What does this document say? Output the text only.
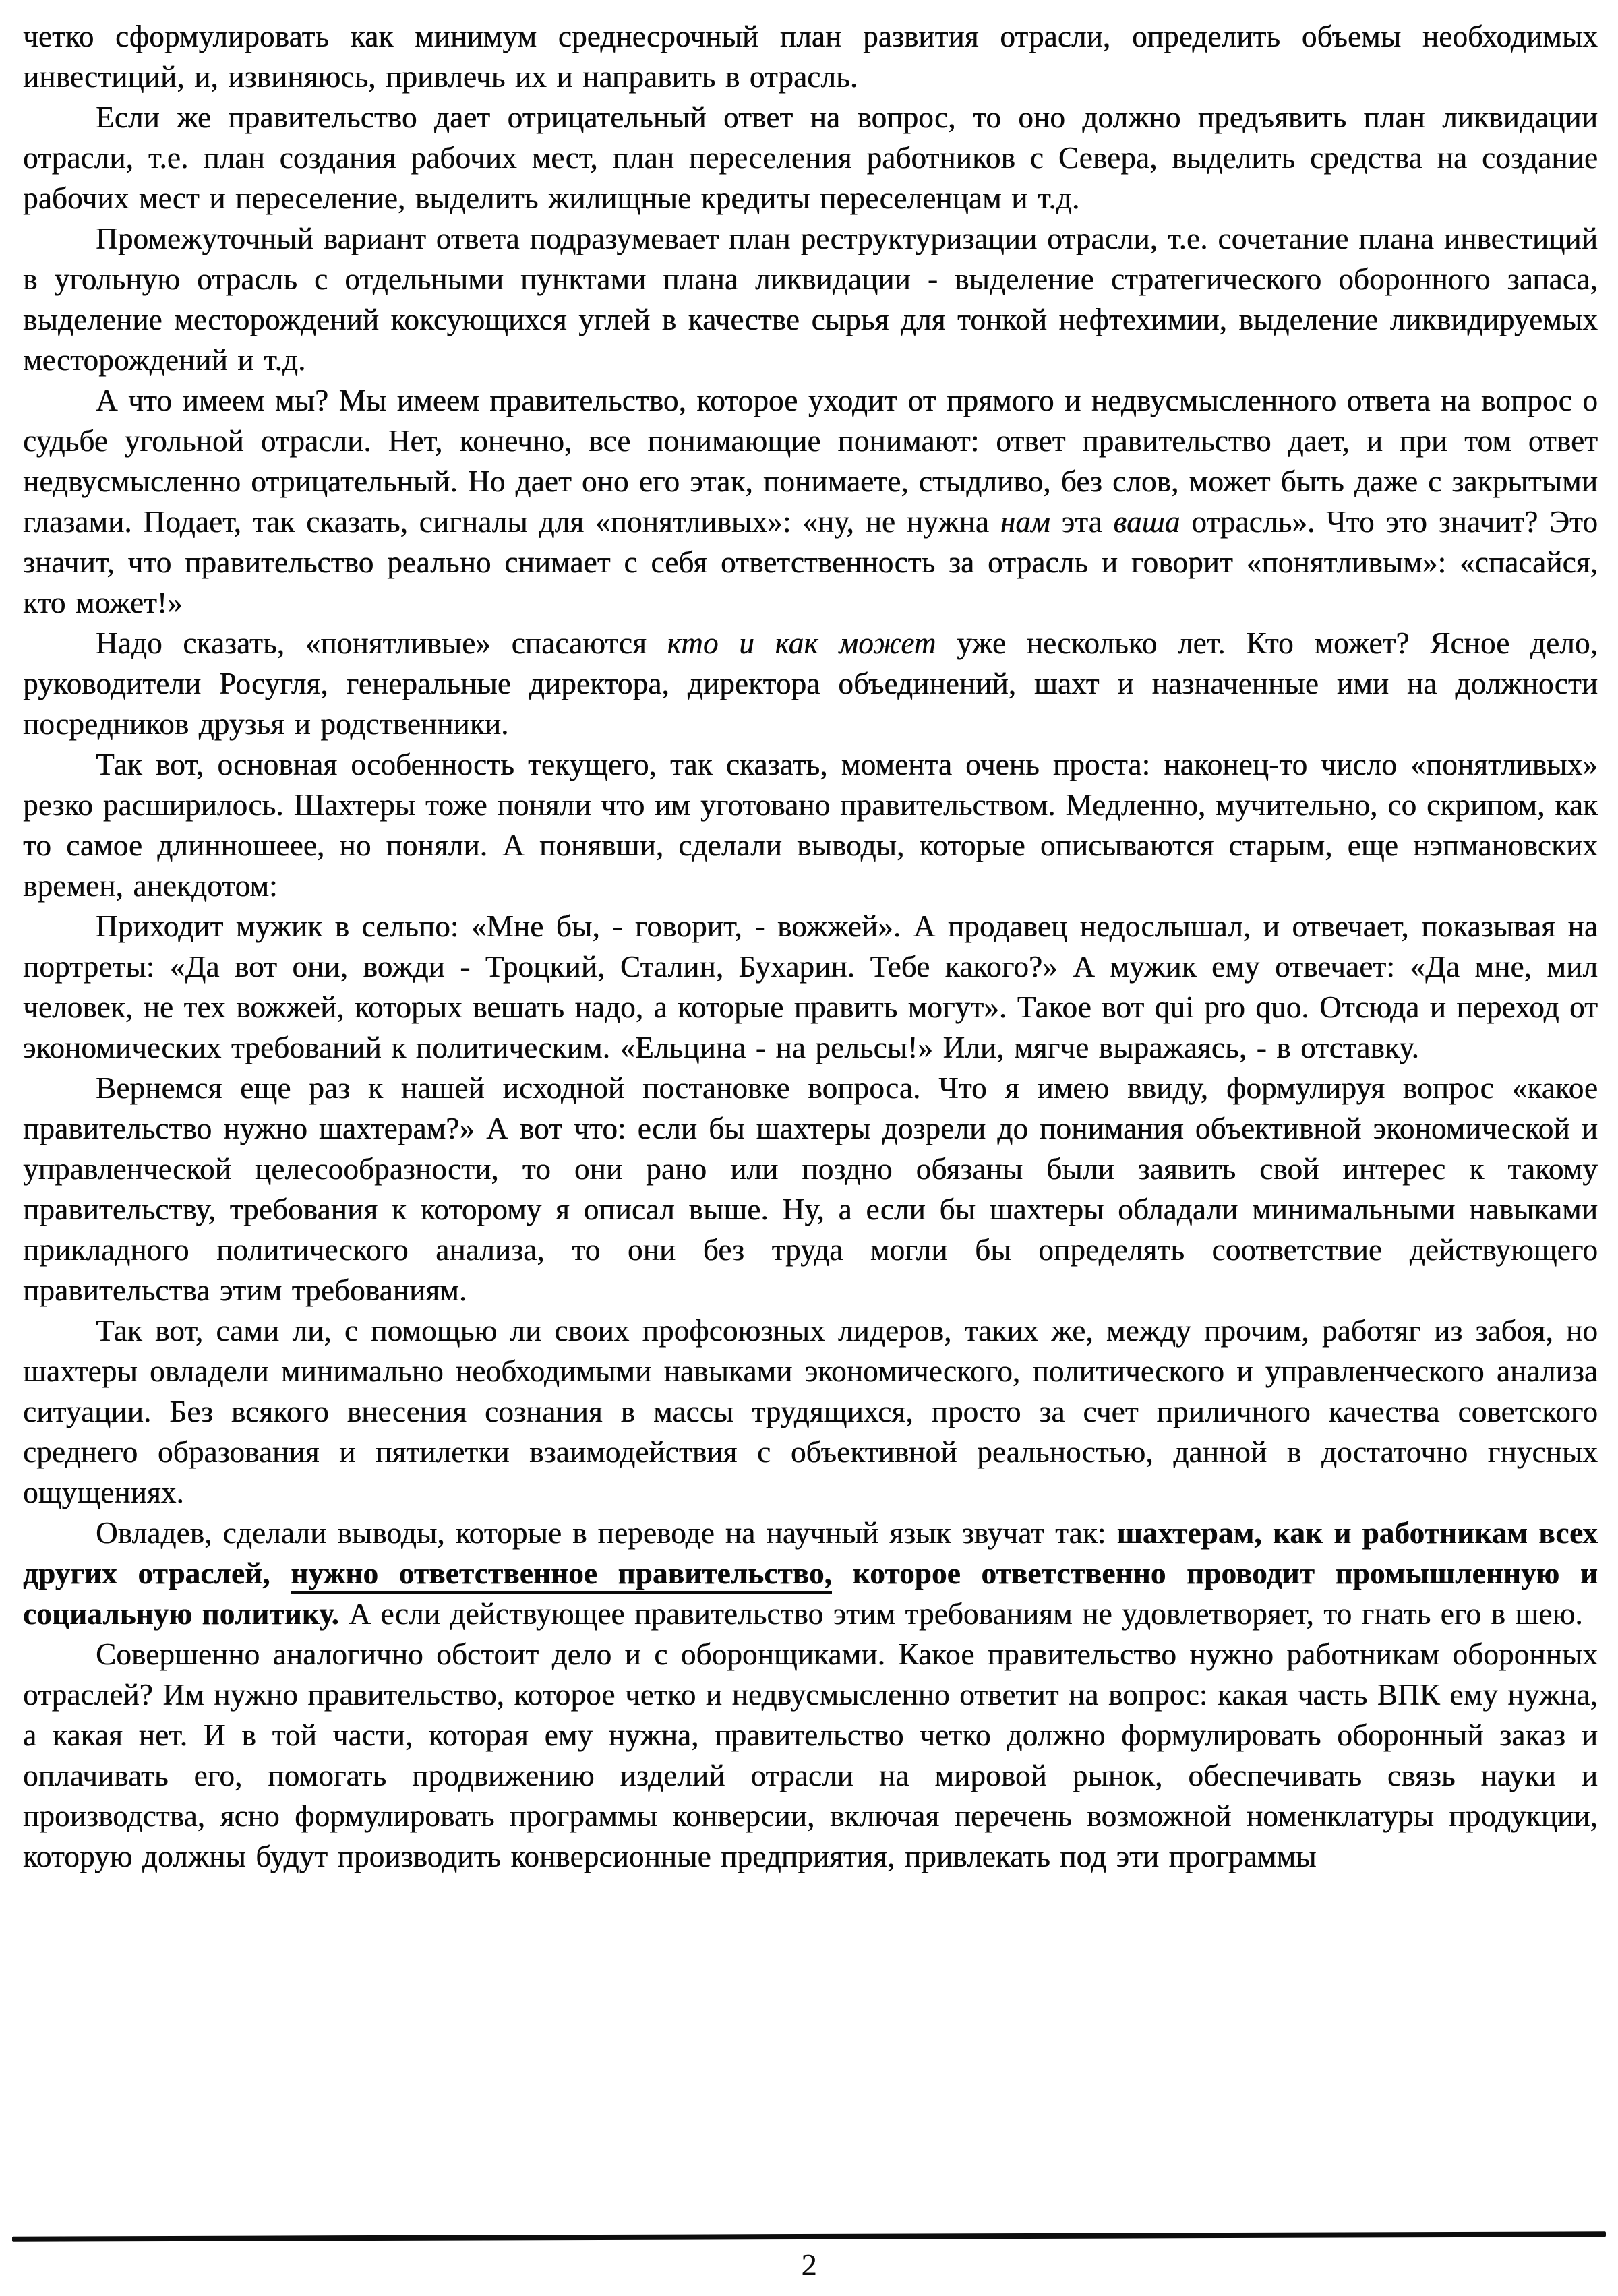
четко сформулировать как минимум среднесрочный план развития отрасли, определить объемы необходимых инвестиций, и, извиняюсь, привлечь их и направить в отрасль.

Если же правительство дает отрицательный ответ на вопрос, то оно должно предъявить план ликвидации отрасли, т.е. план создания рабочих мест, план переселения работников с Севера, выделить средства на создание рабочих мест и переселение, выделить жилищные кредиты переселенцам и т.д.

Промежуточный вариант ответа подразумевает план реструктуризации отрасли, т.е. сочетание плана инвестиций в угольную отрасль с отдельными пунктами плана ликвидации - выделение стратегического оборонного запаса, выделение месторождений коксующихся углей в качестве сырья для тонкой нефтехимии, выделение ликвидируемых месторождений и т.д.

А что имеем мы? Мы имеем правительство, которое уходит от прямого и недвусмысленного ответа на вопрос о судьбе угольной отрасли. Нет, конечно, все понимающие понимают: ответ правительство дает, и при том ответ недвусмысленно отрицательный. Но дает оно его этак, понимаете, стыдливо, без слов, может быть даже с закрытыми глазами. Подает, так сказать, сигналы для «понятливых»: «ну, не нужна нам эта ваша отрасль». Что это значит? Это значит, что правительство реально снимает с себя ответственность за отрасль и говорит «понятливым»: «спасайся, кто может!»

Надо сказать, «понятливые» спасаются кто и как может уже несколько лет. Кто может? Ясное дело, руководители Росугля, генеральные директора, директора объединений, шахт и назначенные ими на должности посредников друзья и родственники.

Так вот, основная особенность текущего, так сказать, момента очень проста: наконец-то число «понятливых» резко расширилось. Шахтеры тоже поняли что им уготовано правительством. Медленно, мучительно, со скрипом, как то самое длинношеее, но поняли. А понявши, сделали выводы, которые описываются старым, еще нэпмановских времен, анекдотом:

Приходит мужик в сельпо: «Мне бы, - говорит, - вожжей». А продавец недослышал, и отвечает, показывая на портреты: «Да вот они, вожди - Троцкий, Сталин, Бухарин. Тебе какого?» А мужик ему отвечает: «Да мне, мил человек, не тех вожжей, которых вешать надо, а которые править могут». Такое вот qui pro quo. Отсюда и переход от экономических требований к политическим. «Ельцина - на рельсы!» Или, мягче выражаясь, - в отставку.

Вернемся еще раз к нашей исходной постановке вопроса. Что я имею ввиду, формулируя вопрос «какое правительство нужно шахтерам?» А вот что: если бы шахтеры дозрели до понимания объективной экономической и управленческой целесообразности, то они рано или поздно обязаны были заявить свой интерес к такому правительству, требования к которому я описал выше. Ну, а если бы шахтеры обладали минимальными навыками прикладного политического анализа, то они без труда могли бы определять соответствие действующего правительства этим требованиям.

Так вот, сами ли, с помощью ли своих профсоюзных лидеров, таких же, между прочим, работяг из забоя, но шахтеры овладели минимально необходимыми навыками экономического, политического и управленческого анализа ситуации. Без всякого внесения сознания в массы трудящихся, просто за счет приличного качества советского среднего образования и пятилетки взаимодействия с объективной реальностью, данной в достаточно гнусных ощущениях.

Овладев, сделали выводы, которые в переводе на научный язык звучат так: шахтерам, как и работникам всех других отраслей, нужно ответственное правительство, которое ответственно проводит промышленную и социальную политику. А если действующее правительство этим требованиям не удовлетворяет, то гнать его в шею.

Совершенно аналогично обстоит дело и с оборонщиками. Какое правительство нужно работникам оборонных отраслей? Им нужно правительство, которое четко и недвусмысленно ответит на вопрос: какая часть ВПК ему нужна, а какая нет. И в той части, которая ему нужна, правительство четко должно формулировать оборонный заказ и оплачивать его, помогать продвижению изделий отрасли на мировой рынок, обеспечивать связь науки и производства, ясно формулировать программы конверсии, включая перечень возможной номенклатуры продукции, которую должны будут производить конверсионные предприятия, привлекать под эти программы

2
